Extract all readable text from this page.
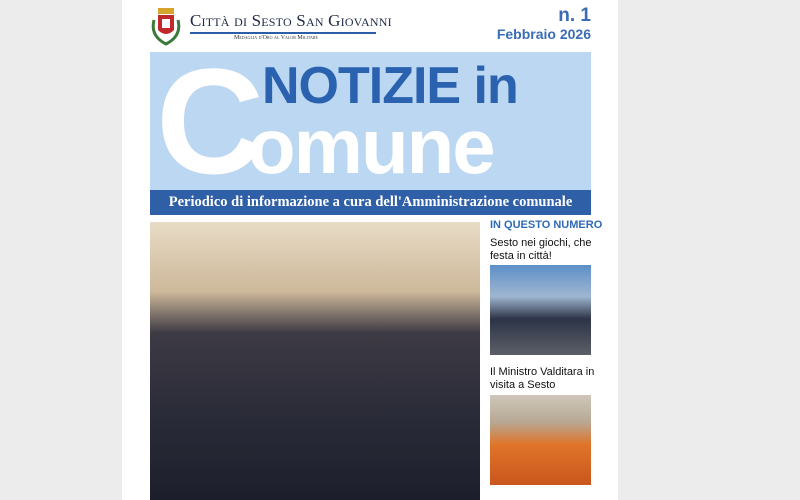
Città di Sesto San Giovanni
Medaglia d'Oro al Valor Militare
n. 1
Febbraio 2026
C
NOTIZIE in
omune
Periodico di informazione a cura dell'Amministrazione comunale
IN QUESTO NUMERO
Sesto nei giochi, che festa in città!
Il Ministro Valditara in visita a Sesto
